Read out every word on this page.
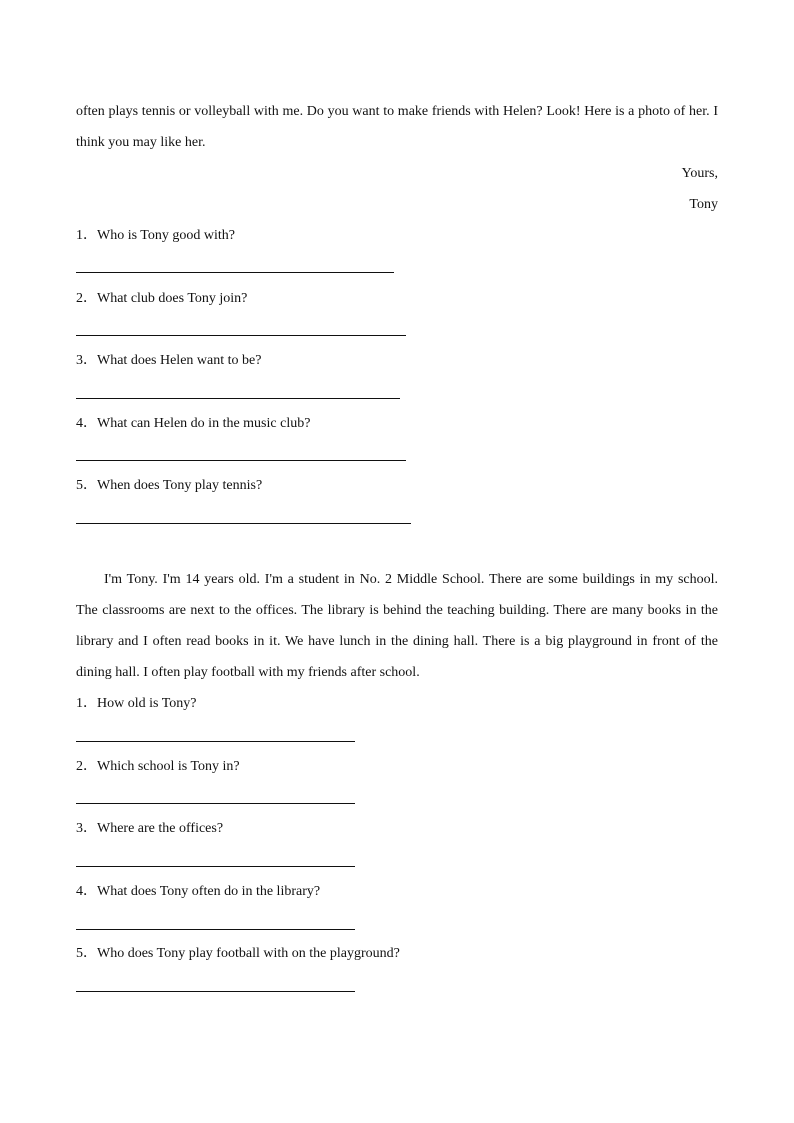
often plays tennis or volleyball with me. Do you want to make friends with Helen? Look! Here is a photo of her. I
think you may like her.
Yours,
Tony
1．Who is Tony good with?
2．What club does Tony join?
3．What does Helen want to be?
4．What can Helen do in the music club?
5．When does Tony play tennis?
I'm Tony. I'm 14 years old. I'm a student in No. 2 Middle School. There are some buildings in my school.
The classrooms are next to the offices. The library is behind the teaching building. There are many books in the
library and I often read books in it. We have lunch in the dining hall. There is a big playground in front of the
dining hall. I often play football with my friends after school.
1．How old is Tony?
2．Which school is Tony in?
3．Where are the offices?
4．What does Tony often do in the library?
5．Who does Tony play football with on the playground?
